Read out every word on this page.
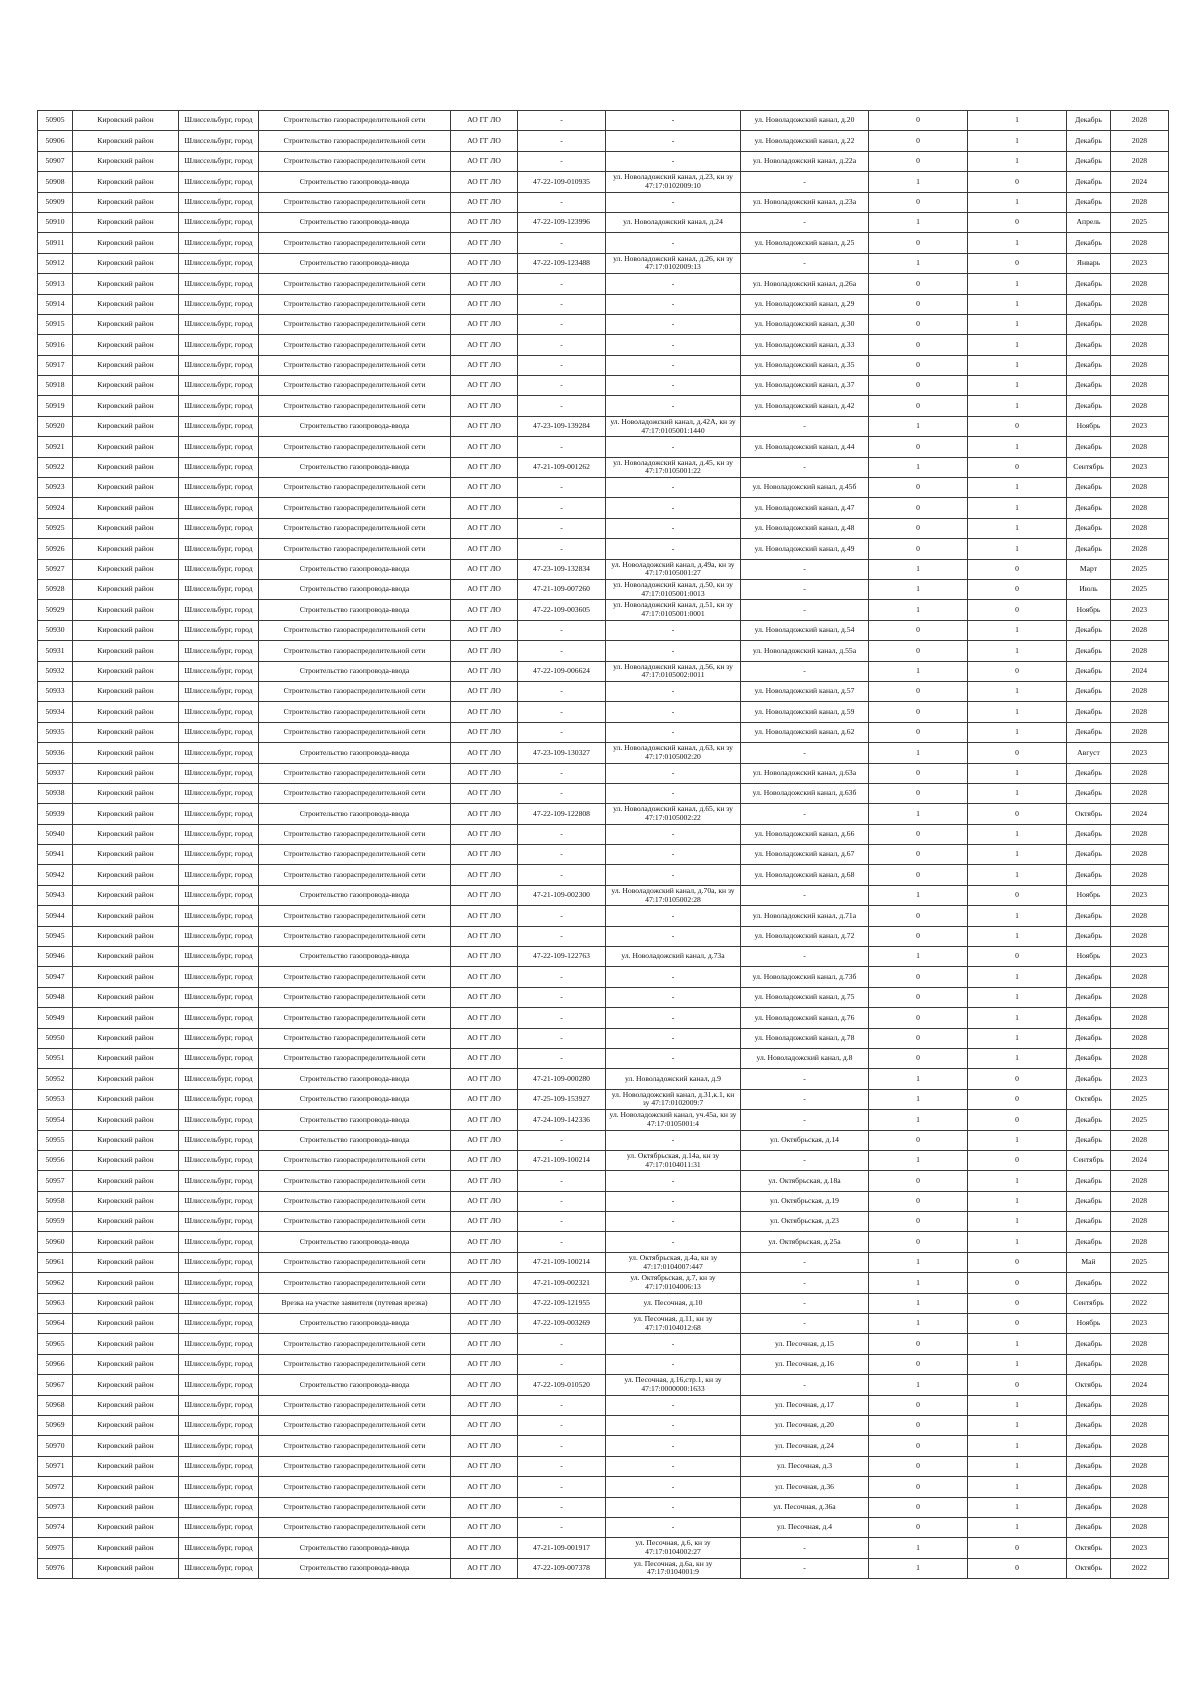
50905	Кировский район	Шлиссельбург, город	Строительство газораспределительной сети	АО ГГ ЛО	-	-	ул. Новоладожский канал, д.20	0	1	Декабрь	2028
50906	Кировский район	Шлиссельбург, город	Строительство газораспределительной сети	АО ГГ ЛО	-	-	ул. Новоладожский канал, д.22	0	1	Декабрь	2028
50907	Кировский район	Шлиссельбург, город	Строительство газораспределительной сети	АО ГГ ЛО	-	-	ул. Новоладожский канал, д.22а	0	1	Декабрь	2028
50908	Кировский район	Шлиссельбург, город	Строительство газопровода-ввода	АО ГГ ЛО	47-22-109-010935	ул. Новоладожский канал, д.23, кн зу 47:17:0102009:10	-	1	0	Декабрь	2024
50909	Кировский район	Шлиссельбург, город	Строительство газораспределительной сети	АО ГГ ЛО	-	-	ул. Новоладожский канал, д.23а	0	1	Декабрь	2028
50910	Кировский район	Шлиссельбург, город	Строительство газопровода-ввода	АО ГГ ЛО	47-22-109-123996	ул. Новоладожский канал, д.24	-	1	0	Апрель	2025
50911	Кировский район	Шлиссельбург, город	Строительство газораспределительной сети	АО ГГ ЛО	-	-	ул. Новоладожский канал, д.25	0	1	Декабрь	2028
50912	Кировский район	Шлиссельбург, город	Строительство газопровода-ввода	АО ГГ ЛО	47-22-109-123488	ул. Новоладожский канал, д.26, кн зу 47:17:0102009:13	-	1	0	Январь	2023
50913	Кировский район	Шлиссельбург, город	Строительство газораспределительной сети	АО ГГ ЛО	-	-	ул. Новоладожский канал, д.26а	0	1	Декабрь	2028
50914	Кировский район	Шлиссельбург, город	Строительство газораспределительной сети	АО ГГ ЛО	-	-	ул. Новоладожский канал, д.29	0	1	Декабрь	2028
50915	Кировский район	Шлиссельбург, город	Строительство газораспределительной сети	АО ГГ ЛО	-	-	ул. Новоладожский канал, д.30	0	1	Декабрь	2028
50916	Кировский район	Шлиссельбург, город	Строительство газораспределительной сети	АО ГГ ЛО	-	-	ул. Новоладожский канал, д.33	0	1	Декабрь	2028
50917	Кировский район	Шлиссельбург, город	Строительство газораспределительной сети	АО ГГ ЛО	-	-	ул. Новоладожский канал, д.35	0	1	Декабрь	2028
50918	Кировский район	Шлиссельбург, город	Строительство газораспределительной сети	АО ГГ ЛО	-	-	ул. Новоладожский канал, д.37	0	1	Декабрь	2028
50919	Кировский район	Шлиссельбург, город	Строительство газораспределительной сети	АО ГГ ЛО	-	-	ул. Новоладожский канал, д.42	0	1	Декабрь	2028
50920	Кировский район	Шлиссельбург, город	Строительство газопровода-ввода	АО ГГ ЛО	47-23-109-139284	ул. Новоладожский канал, д.42А, кн зу 47:17:0105001:1440	-	1	0	Ноябрь	2023
50921	Кировский район	Шлиссельбург, город	Строительство газораспределительной сети	АО ГГ ЛО	-	-	ул. Новоладожский канал, д.44	0	1	Декабрь	2028
50922	Кировский район	Шлиссельбург, город	Строительство газопровода-ввода	АО ГГ ЛО	47-21-109-001262	ул. Новоладожский канал, д.45, кн зу 47:17:0105001:22	-	1	0	Сентябрь	2023
50923	Кировский район	Шлиссельбург, город	Строительство газораспределительной сети	АО ГГ ЛО	-	-	ул. Новоладожский канал, д.45б	0	1	Декабрь	2028
50924	Кировский район	Шлиссельбург, город	Строительство газораспределительной сети	АО ГГ ЛО	-	-	ул. Новоладожский канал, д.47	0	1	Декабрь	2028
50925	Кировский район	Шлиссельбург, город	Строительство газораспределительной сети	АО ГГ ЛО	-	-	ул. Новоладожский канал, д.48	0	1	Декабрь	2028
50926	Кировский район	Шлиссельбург, город	Строительство газораспределительной сети	АО ГГ ЛО	-	-	ул. Новоладожский канал, д.49	0	1	Декабрь	2028
50927	Кировский район	Шлиссельбург, город	Строительство газопровода-ввода	АО ГГ ЛО	47-23-109-132834	ул. Новоладожский канал, д.49а, кн зу 47:17:0105001:27	-	1	0	Март	2025
50928	Кировский район	Шлиссельбург, город	Строительство газопровода-ввода	АО ГГ ЛО	47-21-109-007260	ул. Новоладожский канал, д.50, кн зу 47:17:0105001:0013	-	1	0	Июль	2025
50929	Кировский район	Шлиссельбург, город	Строительство газопровода-ввода	АО ГГ ЛО	47-22-109-003605	ул. Новоладожский канал, д.51, кн зу 47:17:0105001:0001	-	1	0	Ноябрь	2023
50930	Кировский район	Шлиссельбург, город	Строительство газораспределительной сети	АО ГГ ЛО	-	-	ул. Новоладожский канал, д.54	0	1	Декабрь	2028
50931	Кировский район	Шлиссельбург, город	Строительство газораспределительной сети	АО ГГ ЛО	-	-	ул. Новоладожский канал, д.55а	0	1	Декабрь	2028
50932	Кировский район	Шлиссельбург, город	Строительство газопровода-ввода	АО ГГ ЛО	47-22-109-006624	ул. Новоладожский канал, д.56, кн зу 47:17:0105002:0011	-	1	0	Декабрь	2024
50933	Кировский район	Шлиссельбург, город	Строительство газораспределительной сети	АО ГГ ЛО	-	-	ул. Новоладожский канал, д.57	0	1	Декабрь	2028
50934	Кировский район	Шлиссельбург, город	Строительство газораспределительной сети	АО ГГ ЛО	-	-	ул. Новоладожский канал, д.59	0	1	Декабрь	2028
50935	Кировский район	Шлиссельбург, город	Строительство газораспределительной сети	АО ГГ ЛО	-	-	ул. Новоладожский канал, д.62	0	1	Декабрь	2028
50936	Кировский район	Шлиссельбург, город	Строительство газопровода-ввода	АО ГГ ЛО	47-23-109-130327	ул. Новоладожский канал, д.63, кн зу 47:17:0105002:20	-	1	0	Август	2023
50937	Кировский район	Шлиссельбург, город	Строительство газораспределительной сети	АО ГГ ЛО	-	-	ул. Новоладожский канал, д.63а	0	1	Декабрь	2028
50938	Кировский район	Шлиссельбург, город	Строительство газораспределительной сети	АО ГГ ЛО	-	-	ул. Новоладожский канал, д.63б	0	1	Декабрь	2028
50939	Кировский район	Шлиссельбург, город	Строительство газопровода-ввода	АО ГГ ЛО	47-22-109-122808	ул. Новоладожский канал, д.65, кн зу 47:17:0105002:22	-	1	0	Октябрь	2024
50940	Кировский район	Шлиссельбург, город	Строительство газораспределительной сети	АО ГГ ЛО	-	-	ул. Новоладожский канал, д.66	0	1	Декабрь	2028
50941	Кировский район	Шлиссельбург, город	Строительство газораспределительной сети	АО ГГ ЛО	-	-	ул. Новоладожский канал, д.67	0	1	Декабрь	2028
50942	Кировский район	Шлиссельбург, город	Строительство газораспределительной сети	АО ГГ ЛО	-	-	ул. Новоладожский канал, д.68	0	1	Декабрь	2028
50943	Кировский район	Шлиссельбург, город	Строительство газопровода-ввода	АО ГГ ЛО	47-21-109-002300	ул. Новоладожский канал, д.70а, кн зу 47:17:0105002:28	-	1	0	Ноябрь	2023
50944	Кировский район	Шлиссельбург, город	Строительство газораспределительной сети	АО ГГ ЛО	-	-	ул. Новоладожский канал, д.71а	0	1	Декабрь	2028
50945	Кировский район	Шлиссельбург, город	Строительство газораспределительной сети	АО ГГ ЛО	-	-	ул. Новоладожский канал, д.72	0	1	Декабрь	2028
50946	Кировский район	Шлиссельбург, город	Строительство газопровода-ввода	АО ГГ ЛО	47-22-109-122763	ул. Новоладожский канал, д.73а	-	1	0	Ноябрь	2023
50947	Кировский район	Шлиссельбург, город	Строительство газораспределительной сети	АО ГГ ЛО	-	-	ул. Новоладожский канал, д.73б	0	1	Декабрь	2028
50948	Кировский район	Шлиссельбург, город	Строительство газораспределительной сети	АО ГГ ЛО	-	-	ул. Новоладожский канал, д.75	0	1	Декабрь	2028
50949	Кировский район	Шлиссельбург, город	Строительство газораспределительной сети	АО ГГ ЛО	-	-	ул. Новоладожский канал, д.76	0	1	Декабрь	2028
50950	Кировский район	Шлиссельбург, город	Строительство газораспределительной сети	АО ГГ ЛО	-	-	ул. Новоладожский канал, д.78	0	1	Декабрь	2028
50951	Кировский район	Шлиссельбург, город	Строительство газораспределительной сети	АО ГГ ЛО	-	-	ул. Новоладожский канал, д.8	0	1	Декабрь	2028
50952	Кировский район	Шлиссельбург, город	Строительство газопровода-ввода	АО ГГ ЛО	47-21-109-000280	ул. Новоладожский канал, д.9	-	1	0	Декабрь	2023
50953	Кировский район	Шлиссельбург, город	Строительство газопровода-ввода	АО ГГ ЛО	47-25-109-153927	ул. Новоладожский канал, д.31,к.1, кн зу 47:17:0102009:7	-	1	0	Октябрь	2025
50954	Кировский район	Шлиссельбург, город	Строительство газопровода-ввода	АО ГГ ЛО	47-24-109-142336	ул. Новоладожский канал, уч.45а, кн зу 47:17:0105001:4	-	1	0	Декабрь	2025
50955	Кировский район	Шлиссельбург, город	Строительство газопровода-ввода	АО ГГ ЛО	-	-	ул. Октябрьская, д.14	0	1	Декабрь	2028
50956	Кировский район	Шлиссельбург, город	Строительство газораспределительной сети	АО ГГ ЛО	47-21-109-100214	ул. Октябрьская, д.14а, кн зу 47:17:0104011:31	-	1	0	Сентябрь	2024
50957	Кировский район	Шлиссельбург, город	Строительство газораспределительной сети	АО ГГ ЛО	-	-	ул. Октябрьская, д.18а	0	1	Декабрь	2028
50958	Кировский район	Шлиссельбург, город	Строительство газораспределительной сети	АО ГГ ЛО	-	-	ул. Октябрьская, д.19	0	1	Декабрь	2028
50959	Кировский район	Шлиссельбург, город	Строительство газораспределительной сети	АО ГГ ЛО	-	-	ул. Октябрьская, д.23	0	1	Декабрь	2028
50960	Кировский район	Шлиссельбург, город	Строительство газопровода-ввода	АО ГГ ЛО	-	-	ул. Октябрьская, д.25а	0	1	Декабрь	2028
50961	Кировский район	Шлиссельбург, город	Строительство газораспределительной сети	АО ГГ ЛО	47-21-109-100214	ул. Октябрьская, д.4а, кн зу 47:17:0104007:447	-	1	0	Май	2025
50962	Кировский район	Шлиссельбург, город	Строительство газораспределительной сети	АО ГГ ЛО	47-21-109-002321	ул. Октябрьская, д.7, кн зу 47:17:0104006:13	-	1	0	Декабрь	2022
50963	Кировский район	Шлиссельбург, город	Врезка на участке заявителя (путевая врезка)	АО ГГ ЛО	47-22-109-121955	ул. Песочная, д.10	-	1	0	Сентябрь	2022
50964	Кировский район	Шлиссельбург, город	Строительство газопровода-ввода	АО ГГ ЛО	47-22-109-003269	ул. Песочная, д.11, кн зу 47:17:0104012:68	-	1	0	Ноябрь	2023
50965	Кировский район	Шлиссельбург, город	Строительство газораспределительной сети	АО ГГ ЛО	-	-	ул. Песочная, д.15	0	1	Декабрь	2028
50966	Кировский район	Шлиссельбург, город	Строительство газораспределительной сети	АО ГГ ЛО	-	-	ул. Песочная, д.16	0	1	Декабрь	2028
50967	Кировский район	Шлиссельбург, город	Строительство газопровода-ввода	АО ГГ ЛО	47-22-109-010520	ул. Песочная, д.16,стр.1, кн зу 47:17:0000000:1633	-	1	0	Октябрь	2024
50968	Кировский район	Шлиссельбург, город	Строительство газораспределительной сети	АО ГГ ЛО	-	-	ул. Песочная, д.17	0	1	Декабрь	2028
50969	Кировский район	Шлиссельбург, город	Строительство газораспределительной сети	АО ГГ ЛО	-	-	ул. Песочная, д.20	0	1	Декабрь	2028
50970	Кировский район	Шлиссельбург, город	Строительство газораспределительной сети	АО ГГ ЛО	-	-	ул. Песочная, д.24	0	1	Декабрь	2028
50971	Кировский район	Шлиссельбург, город	Строительство газораспределительной сети	АО ГГ ЛО	-	-	ул. Песочная, д.3	0	1	Декабрь	2028
50972	Кировский район	Шлиссельбург, город	Строительство газораспределительной сети	АО ГГ ЛО	-	-	ул. Песочная, д.36	0	1	Декабрь	2028
50973	Кировский район	Шлиссельбург, город	Строительство газораспределительной сети	АО ГГ ЛО	-	-	ул. Песочная, д.36а	0	1	Декабрь	2028
50974	Кировский район	Шлиссельбург, город	Строительство газораспределительной сети	АО ГГ ЛО	-	-	ул. Песочная, д.4	0	1	Декабрь	2028
50975	Кировский район	Шлиссельбург, город	Строительство газопровода-ввода	АО ГГ ЛО	47-21-109-001917	ул. Песочная, д.6, кн зу 47:17:0104002:27	-	1	0	Октябрь	2023
50976	Кировский район	Шлиссельбург, город	Строительство газопровода-ввода	АО ГГ ЛО	47-22-109-007378	ул. Песочная, д.6а, кн зу 47:17:0104001:9	-	1	0	Октябрь	2022
